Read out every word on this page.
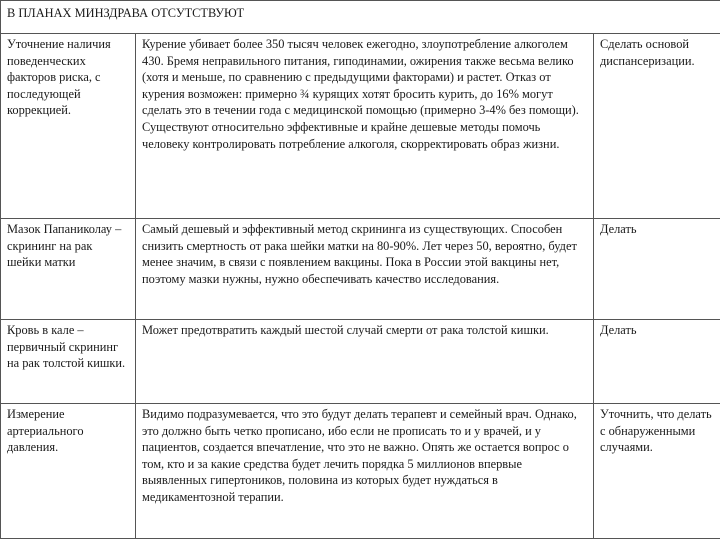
В ПЛАНАХ МИНЗДРАВА ОТСУТСТВУЮТ		
Уточнение наличия поведенческих факторов риска, с последующей коррекцией.	Курение убивает более 350 тысяч человек ежегодно, злоупотребление алкоголем 430. Бремя неправильного питания, гиподинамии, ожирения также весьма велико (хотя и меньше, по сравнению с предыдущими факторами) и растет. Отказ от курения возможен: примерно ¾ курящих хотят бросить курить, до 16% могут сделать это в течении года с медицинской помощью (примерно 3-4% без помощи). Существуют относительно эффективные и крайне дешевые методы помочь человеку контролировать потребление алкоголя, скорректировать образ жизни.	Сделать основой диспансеризации.
Мазок Папаниколау – скрининг на рак шейки матки	Самый дешевый и эффективный метод скрининга из существующих. Способен снизить смертность от рака шейки матки на 80-90%. Лет через 50, вероятно, будет менее значим, в связи с появлением вакцины. Пока в России этой вакцины нет, поэтому мазки нужны, нужно обеспечивать качество исследования.	Делать
Кровь в кале – первичный скрининг на рак толстой кишки.	Может предотвратить каждый шестой случай смерти от рака толстой кишки.	Делать
Измерение артериального давления.	Видимо подразумевается, что это будут делать терапевт и семейный врач. Однако, это должно быть четко прописано, ибо если не прописать то и у врачей, и у пациентов, создается впечатление, что это не важно. Опять же остается вопрос о том, кто и за какие средства будет лечить порядка 5 миллионов впервые выявленных гипертоников, половина из которых будет нуждаться в медикаментозной терапии.	Уточнить, что делать с обнаруженными случаями.
